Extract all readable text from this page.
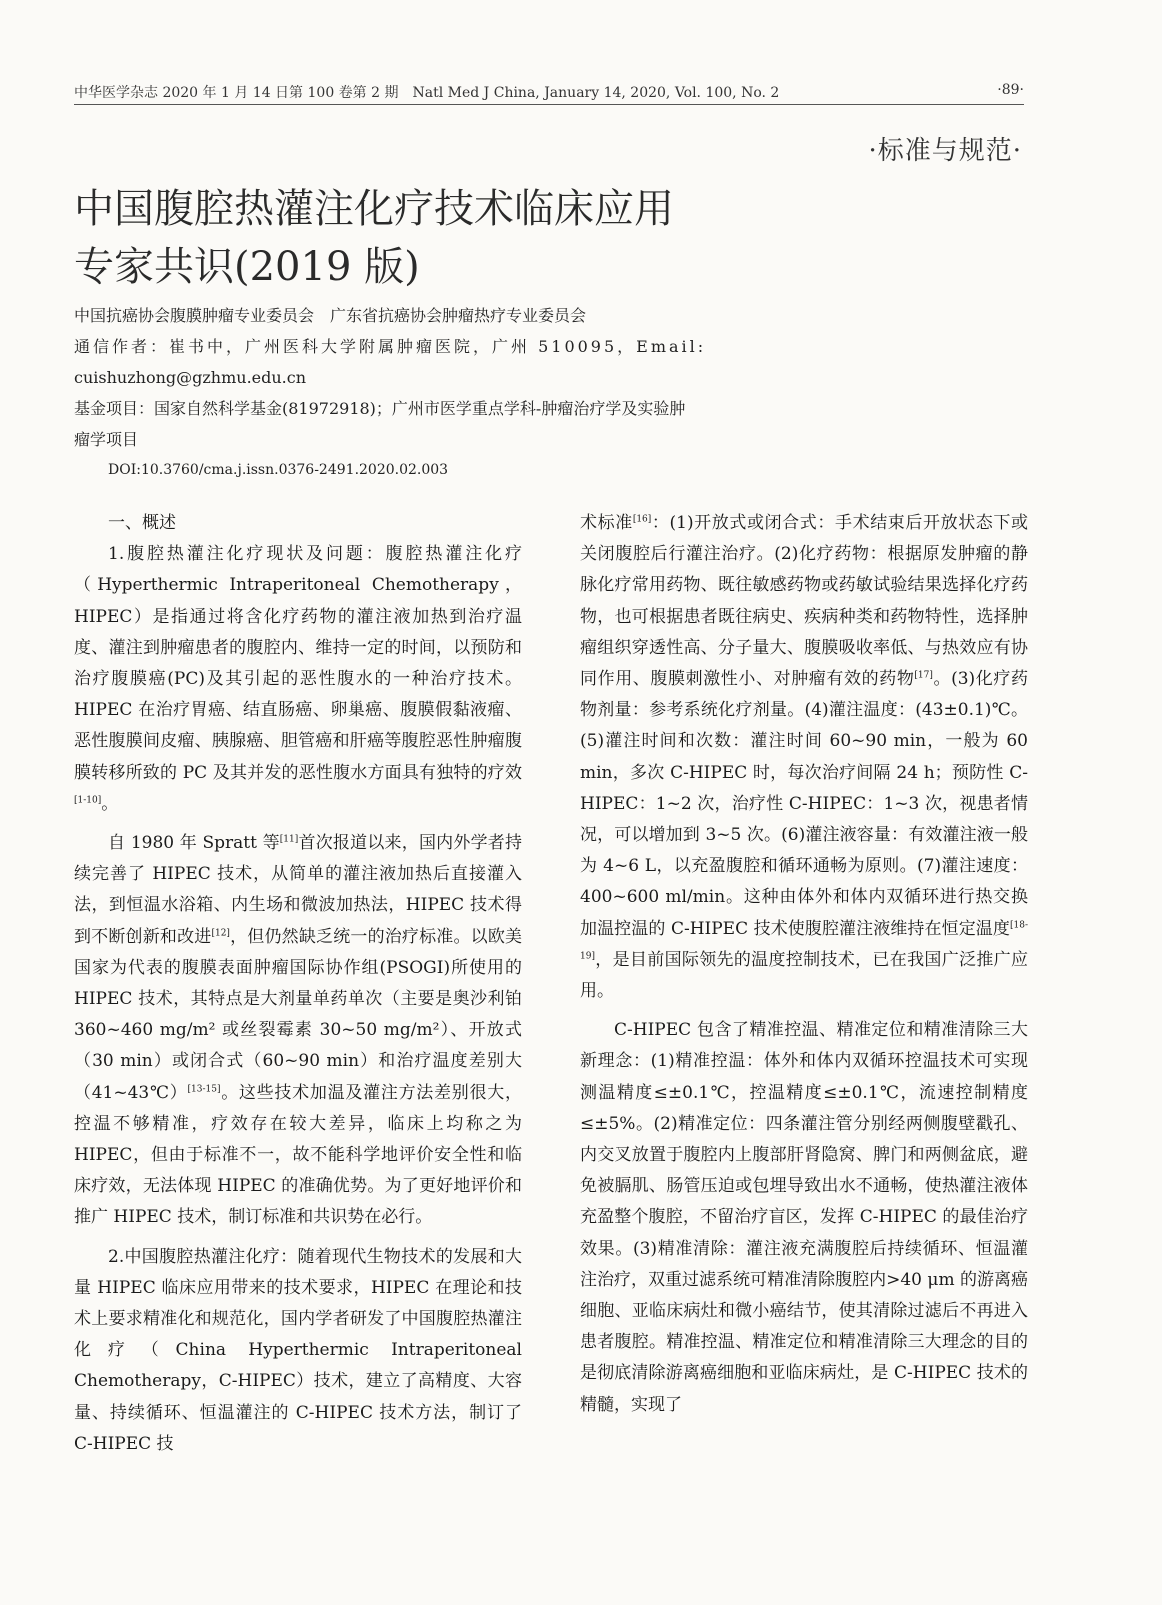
中华医学杂志 2020 年 1 月 14 日第 100 卷第 2 期　Natl Med J China, January 14, 2020, Vol. 100, No. 2	·89·
·标准与规范·
中国腹腔热灌注化疗技术临床应用
专家共识(2019 版)
中国抗癌协会腹膜肿瘤专业委员会　广东省抗癌协会肿瘤热疗专业委员会
通信作者：崔书中，广州医科大学附属肿瘤医院，广州 510095，Email:
cuishuzhong@gzhmu.edu.cn
基金项目：国家自然科学基金(81972918)；广州市医学重点学科-肿瘤治疗学及实验肿
瘤学项目
DOI:10.3760/cma.j.issn.0376-2491.2020.02.003

一、概述

1.腹腔热灌注化疗现状及问题：腹腔热灌注化疗（Hyperthermic Intraperitoneal Chemotherapy，HIPEC）是指通过将含化疗药物的灌注液加热到治疗温度、灌注到肿瘤患者的腹腔内、维持一定的时间，以预防和治疗腹膜癌(PC)及其引起的恶性腹水的一种治疗技术。HIPEC 在治疗胃癌、结直肠癌、卵巢癌、腹膜假黏液瘤、恶性腹膜间皮瘤、胰腺癌、胆管癌和肝癌等腹腔恶性肿瘤腹膜转移所致的 PC 及其并发的恶性腹水方面具有独特的疗效[1-10]。

自 1980 年 Spratt 等[11]首次报道以来，国内外学者持续完善了 HIPEC 技术，从简单的灌注液加热后直接灌入法，到恒温水浴箱、内生场和微波加热法，HIPEC 技术得到不断创新和改进[12]，但仍然缺乏统一的治疗标准。以欧美国家为代表的腹膜表面肿瘤国际协作组(PSOGI)所使用的 HIPEC 技术，其特点是大剂量单药单次（主要是奥沙利铂 360~460 mg/m² 或丝裂霉素 30~50 mg/m²）、开放式（30 min）或闭合式（60~90 min）和治疗温度差别大（41~43℃）[13-15]。这些技术加温及灌注方法差别很大，控温不够精准，疗效存在较大差异，临床上均称之为 HIPEC，但由于标准不一，故不能科学地评价安全性和临床疗效，无法体现 HIPEC 的准确优势。为了更好地评价和推广 HIPEC 技术，制订标准和共识势在必行。

2.中国腹腔热灌注化疗：随着现代生物技术的发展和大量 HIPEC 临床应用带来的技术要求，HIPEC 在理论和技术上要求精准化和规范化，国内学者研发了中国腹腔热灌注化疗（China Hyperthermic Intraperitoneal Chemotherapy，C-HIPEC）技术，建立了高精度、大容量、持续循环、恒温灌注的 C-HIPEC 技术方法，制订了 C-HIPEC 技

术标准[16]：(1)开放式或闭合式：手术结束后开放状态下或关闭腹腔后行灌注治疗。(2)化疗药物：根据原发肿瘤的静脉化疗常用药物、既往敏感药物或药敏试验结果选择化疗药物，也可根据患者既往病史、疾病种类和药物特性，选择肿瘤组织穿透性高、分子量大、腹膜吸收率低、与热效应有协同作用、腹膜刺激性小、对肿瘤有效的药物[17]。(3)化疗药物剂量：参考系统化疗剂量。(4)灌注温度：(43±0.1)℃。(5)灌注时间和次数：灌注时间 60~90 min，一般为 60 min，多次 C-HIPEC 时，每次治疗间隔 24 h；预防性 C-HIPEC：1~2 次，治疗性 C-HIPEC：1~3 次，视患者情况，可以增加到 3~5 次。(6)灌注液容量：有效灌注液一般为 4~6 L，以充盈腹腔和循环通畅为原则。(7)灌注速度：400~600 ml/min。这种由体外和体内双循环进行热交换加温控温的 C-HIPEC 技术使腹腔灌注液维持在恒定温度[18-19]，是目前国际领先的温度控制技术，已在我国广泛推广应用。

C-HIPEC 包含了精准控温、精准定位和精准清除三大新理念：(1)精准控温：体外和体内双循环控温技术可实现测温精度≤±0.1℃，控温精度≤±0.1℃，流速控制精度≤±5%。(2)精准定位：四条灌注管分别经两侧腹壁戳孔、内交叉放置于腹腔内上腹部肝肾隐窝、脾门和两侧盆底，避免被膈肌、肠管压迫或包埋导致出水不通畅，使热灌注液体充盈整个腹腔，不留治疗盲区，发挥 C-HIPEC 的最佳治疗效果。(3)精准清除：灌注液充满腹腔后持续循环、恒温灌注治疗，双重过滤系统可精准清除腹腔内>40 μm 的游离癌细胞、亚临床病灶和微小癌结节，使其清除过滤后不再进入患者腹腔。精准控温、精准定位和精准清除三大理念的目的是彻底清除游离癌细胞和亚临床病灶，是 C-HIPEC 技术的精髓，实现了
